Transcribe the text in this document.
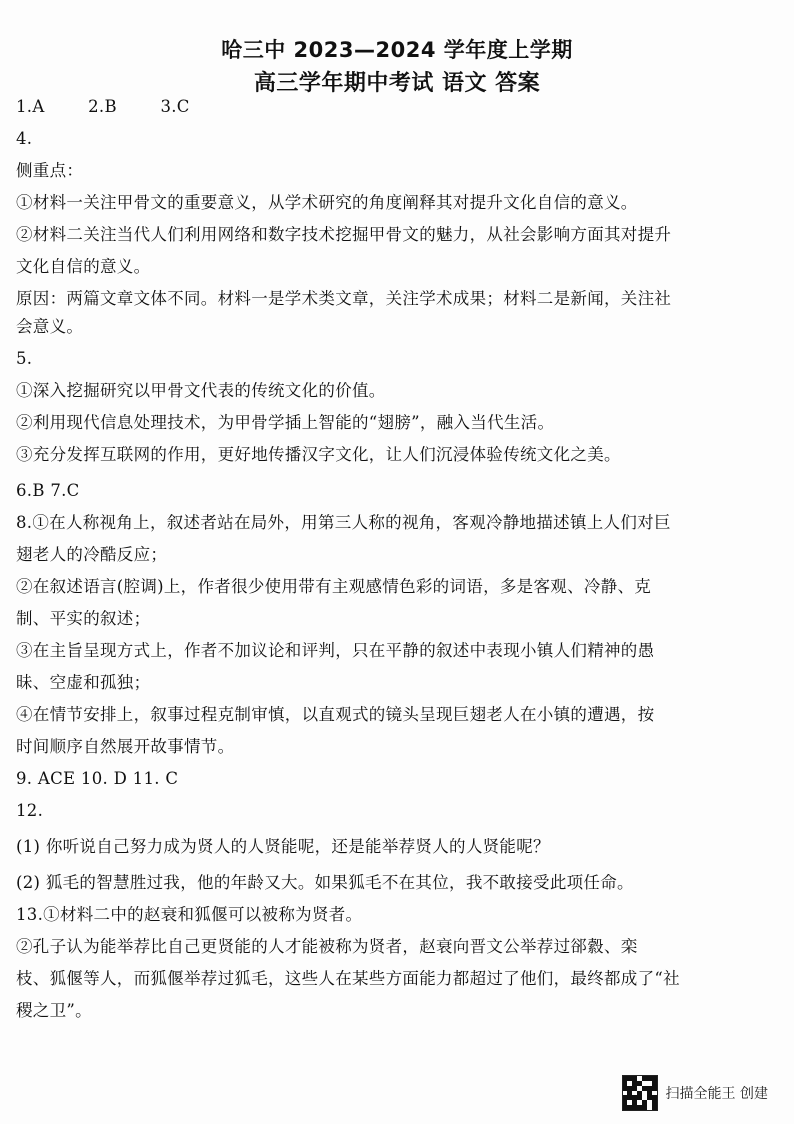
哈三中 2023—2024 学年度上学期
高三学年期中考试 语文 答案
1.A	2.B	3.C
4.
侧重点：
①材料一关注甲骨文的重要意义，从学术研究的角度阐释其对提升文化自信的意义。
②材料二关注当代人们利用网络和数字技术挖掘甲骨文的魅力，从社会影响方面其对提升
文化自信的意义。
原因：两篇文章文体不同。材料一是学术类文章，关注学术成果；材料二是新闻，关注社
会意义。
5.
①深入挖掘研究以甲骨文代表的传统文化的价值。
②利用现代信息处理技术，为甲骨学插上智能的“翅膀”，融入当代生活。
③充分发挥互联网的作用，更好地传播汉字文化，让人们沉浸体验传统文化之美。
6.B 7.C
8.①在人称视角上，叙述者站在局外，用第三人称的视角，客观冷静地描述镇上人们对巨
翅老人的冷酷反应；
②在叙述语言(腔调)上，作者很少使用带有主观感情色彩的词语，多是客观、冷静、克
制、平实的叙述；
③在主旨呈现方式上，作者不加议论和评判，只在平静的叙述中表现小镇人们精神的愚
昧、空虚和孤独；
④在情节安排上，叙事过程克制审慎，以直观式的镜头呈现巨翅老人在小镇的遭遇，按
时间顺序自然展开故事情节。
9. ACE 10. D 11. C
12.
(1) 你听说自己努力成为贤人的人贤能呢，还是能举荐贤人的人贤能呢？
(2) 狐毛的智慧胜过我，他的年龄又大。如果狐毛不在其位，我不敢接受此项任命。
13.①材料二中的赵衰和狐偃可以被称为贤者。
②孔子认为能举荐比自己更贤能的人才能被称为贤者，赵衰向晋文公举荐过郤縠、栾
枝、狐偃等人，而狐偃举荐过狐毛，这些人在某些方面能力都超过了他们，最终都成了“社
稷之卫”。
扫描全能王 创建
